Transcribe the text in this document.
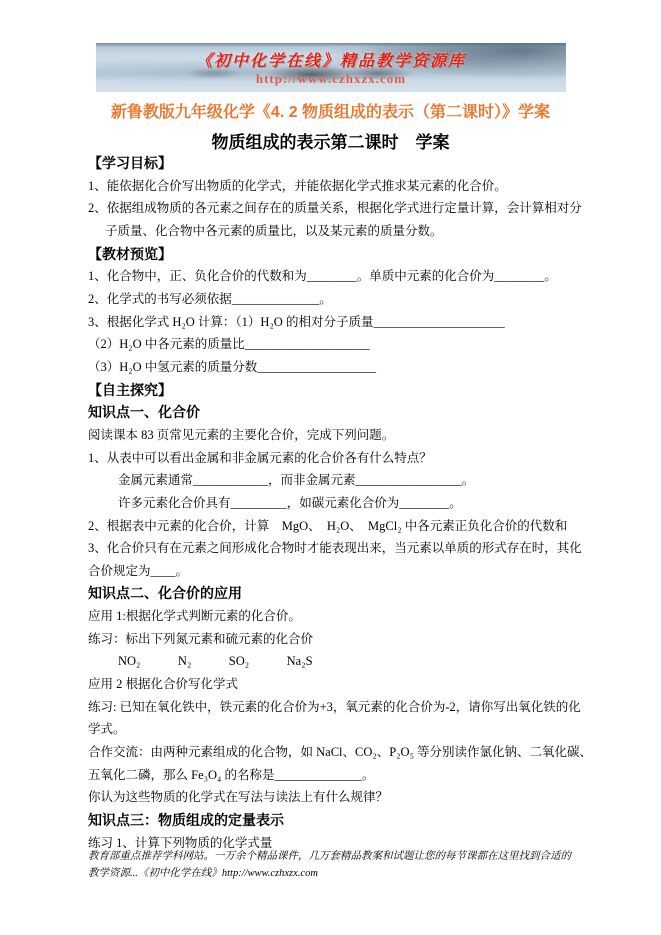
《初中化学在线》精品教学资源库
http://www.czhxzx.com
新鲁教版九年级化学《4. 2 物质组成的表示（第二课时）》学案
物质组成的表示第二课时　学案

【学习目标】

1、能依据化合价写出物质的化学式，并能依据化学式推求某元素的化合价。

2、依据组成物质的各元素之间存在的质量关系，根据化学式进行定量计算，会计算相对分

子质量、化合物中各元素的质量比，以及某元素的质量分数。

【教材预览】

1、化合物中，正、负化合价的代数和为________。单质中元素的化合价为________。

2、化学式的书写必须依据______________。

3、根据化学式 H₂O 计算：（1）H₂O 的相对分子质量_____________________

（2）H₂O 中各元素的质量比____________________

（3）H₂O 中氢元素的质量分数___________________

【自主探究】

知识点一、化合价

阅读课本 83 页常见元素的主要化合价，完成下列问题。

1、从表中可以看出金属和非金属元素的化合价各有什么特点？

金属元素通常____________，而非金属元素_________________。

许多元素化合价具有_________，如碳元素化合价为________。

2、根据表中元素的化合价，计算　MgO、　H₂O、　MgCl₂ 中各元素正负化合价的代数和

3、化合价只有在元素之间形成化合物时才能表现出来，当元素以单质的形式存在时，其化

合价规定为____。

知识点二、化合价的应用

应用 1:根据化学式判断元素的化合价。

练习：标出下列氮元素和硫元素的化合价

NO₂            N₂            SO₂            Na₂S

应用 2 根据化合价写化学式

练习: 已知在氧化铁中，铁元素的化合价为+3，氧元素的化合价为-2，请你写出氧化铁的化

学式。

合作交流：由两种元素组成的化合物，如 NaCl、CO₂、P₂O₅ 等分别读作氯化钠、二氧化碳、

五氧化二磷，那么 Fe₃O₄ 的名称是______________。

你认为这些物质的化学式在写法与读法上有什么规律？

知识点三：物质组成的定量表示

练习 1、计算下列物质的化学式量

教育部重点推荐学科网站。一万余个精品课件，几万套精品教案和试题让您的每节课都在这里找到合适的

教学资源...《初中化学在线》http://www.czhxzx.com
